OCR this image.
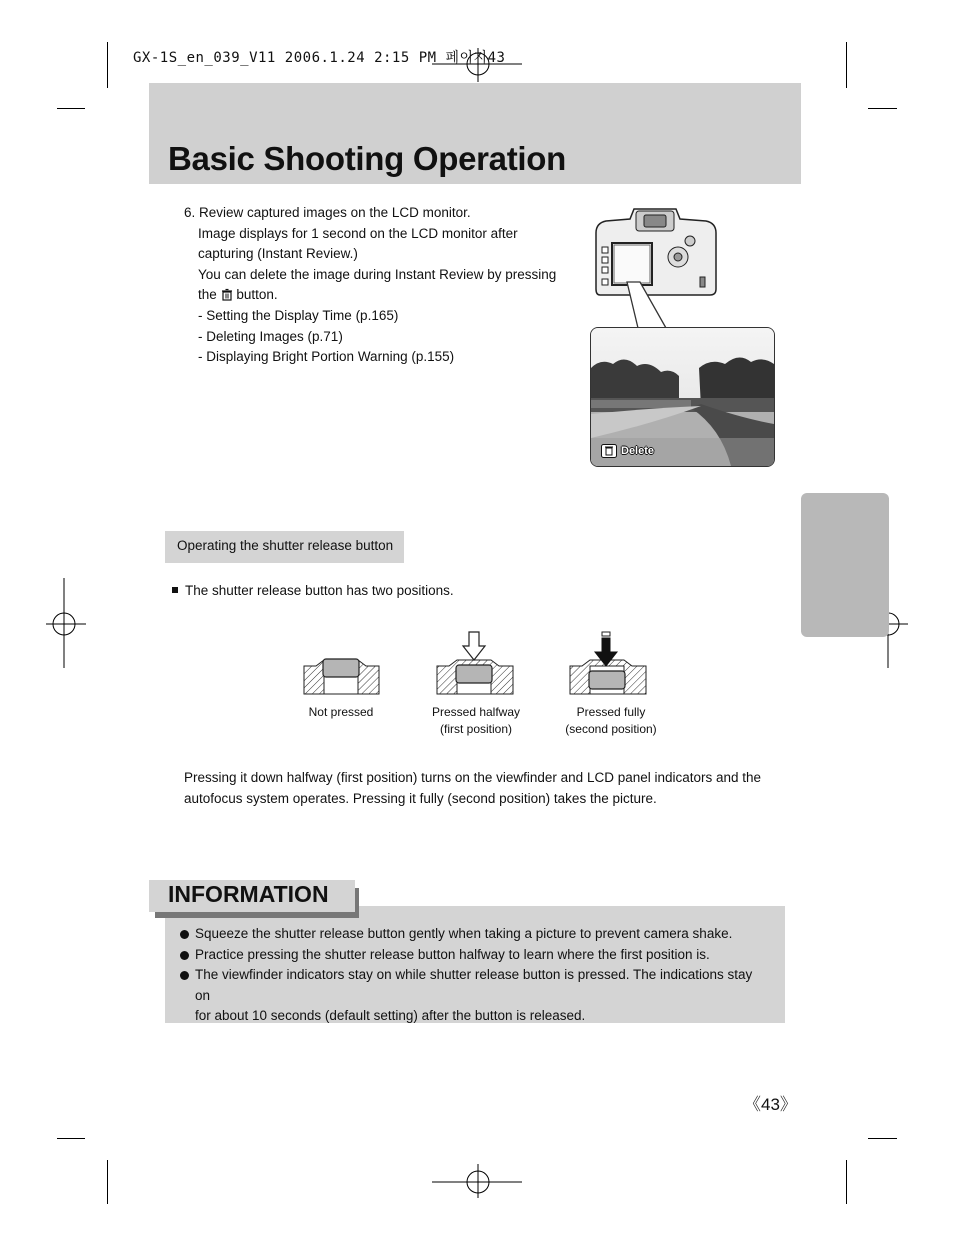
GX-1S_en_039_V11 2006.1.24 2:15 PM 페이지43
Basic Shooting Operation
6. Review captured images on the LCD monitor.

Image displays for 1 second on the LCD monitor after
capturing (Instant Review.)
You can delete the image during Instant Review by pressing
the button.
- Setting the Display Time (p.165)
- Deleting Images (p.71)
- Displaying Bright Portion Warning (p.155)
Delete
Operating the shutter release button
The shutter release button has two positions.
Not pressed	Pressed halfway
(first position)
Pressed fully
(second position)
Pressing it down halfway (first position) turns on the viewfinder and LCD panel indicators and the
autofocus system operates. Pressing it fully (second position) takes the picture.
INFORMATION
Squeeze the shutter release button gently when taking a picture to prevent camera shake.
Practice pressing the shutter release button halfway to learn where the first position is.
The viewfinder indicators stay on while shutter release button is pressed. The indications stay on
for about 10 seconds (default setting) after the button is released.
《43》
